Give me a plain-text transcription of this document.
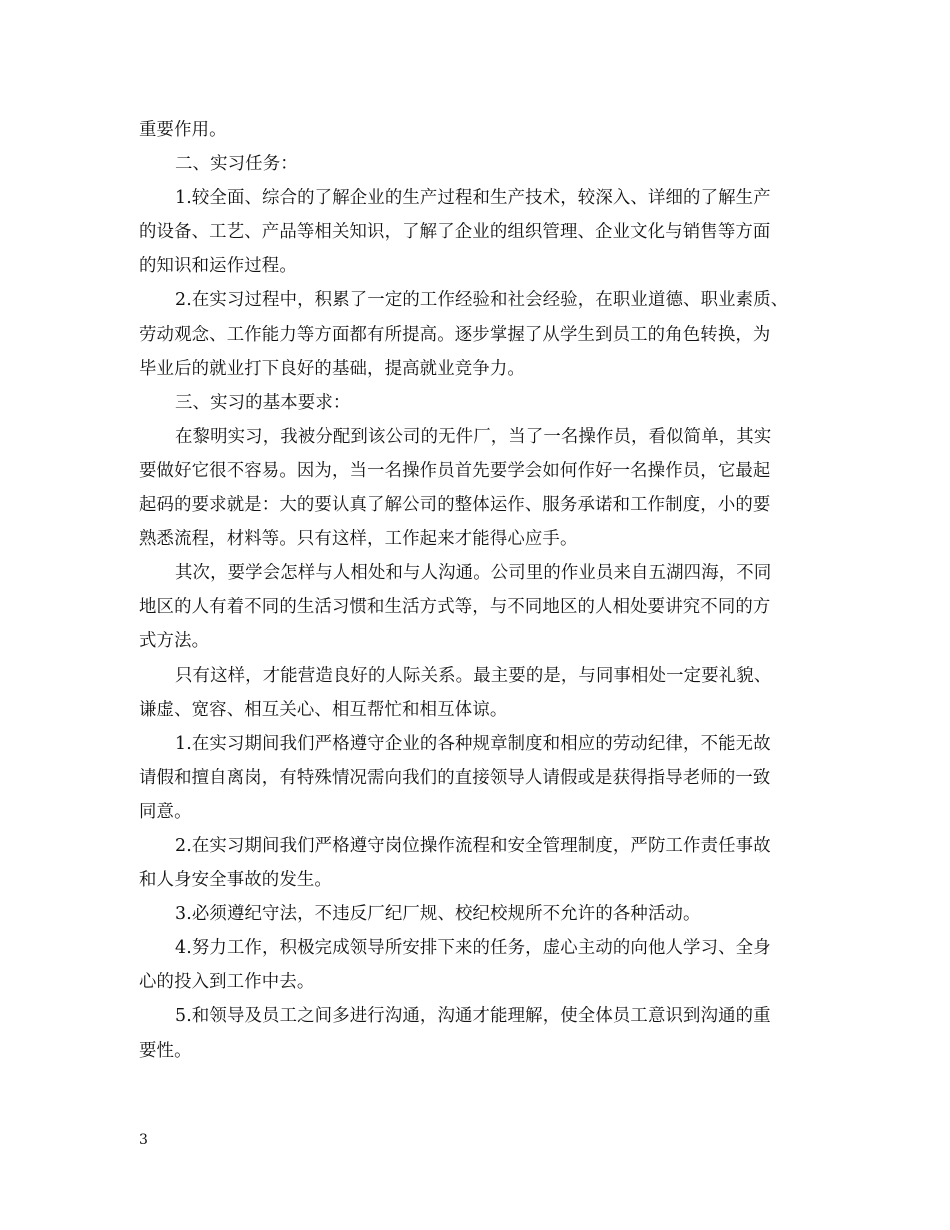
重要作用。
二、实习任务：
1.较全面、综合的了解企业的生产过程和生产技术，较深入、详细的了解生产
的设备、工艺、产品等相关知识，了解了企业的组织管理、企业文化与销售等方面
的知识和运作过程。
2.在实习过程中，积累了一定的工作经验和社会经验，在职业道德、职业素质、
劳动观念、工作能力等方面都有所提高。逐步掌握了从学生到员工的角色转换，为
毕业后的就业打下良好的基础，提高就业竞争力。
三、实习的基本要求：
在黎明实习，我被分配到该公司的无件厂，当了一名操作员，看似简单，其实
要做好它很不容易。因为，当一名操作员首先要学会如何作好一名操作员，它最起
起码的要求就是：大的要认真了解公司的整体运作、服务承诺和工作制度，小的要
熟悉流程，材料等。只有这样，工作起来才能得心应手。
其次，要学会怎样与人相处和与人沟通。公司里的作业员来自五湖四海，不同
地区的人有着不同的生活习惯和生活方式等，与不同地区的人相处要讲究不同的方
式方法。
只有这样，才能营造良好的人际关系。最主要的是，与同事相处一定要礼貌、
谦虚、宽容、相互关心、相互帮忙和相互体谅。
1.在实习期间我们严格遵守企业的各种规章制度和相应的劳动纪律，不能无故
请假和擅自离岗，有特殊情况需向我们的直接领导人请假或是获得指导老师的一致
同意。
2.在实习期间我们严格遵守岗位操作流程和安全管理制度，严防工作责任事故
和人身安全事故的发生。
3.必须遵纪守法，不违反厂纪厂规、校纪校规所不允许的各种活动。
4.努力工作，积极完成领导所安排下来的任务，虚心主动的向他人学习、全身
心的投入到工作中去。
5.和领导及员工之间多进行沟通，沟通才能理解，使全体员工意识到沟通的重
要性。
3
